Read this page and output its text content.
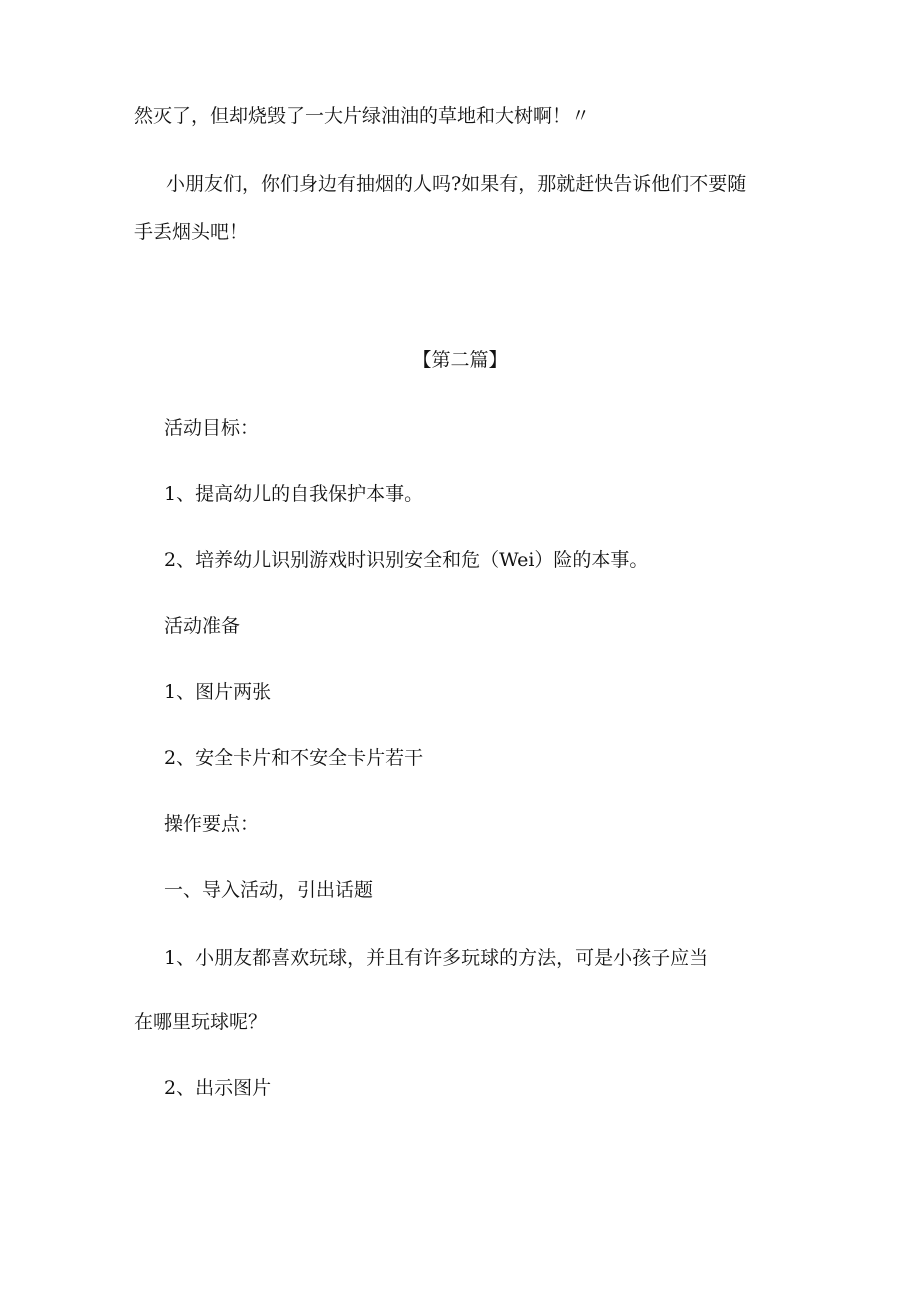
然灭了，但却烧毁了一大片绿油油的草地和大树啊！〃
小朋友们，你们身边有抽烟的人吗?如果有，那就赶快告诉他们不要随
手丢烟头吧！
【第二篇】
活动目标：
1、提高幼儿的自我保护本事。
2、培养幼儿识别游戏时识别安全和危（Wei）险的本事。
活动准备
1、图片两张
2、安全卡片和不安全卡片若干
操作要点：
一、导入活动，引出话题
1、小朋友都喜欢玩球，并且有许多玩球的方法，可是小孩子应当
在哪里玩球呢？
2、出示图片
